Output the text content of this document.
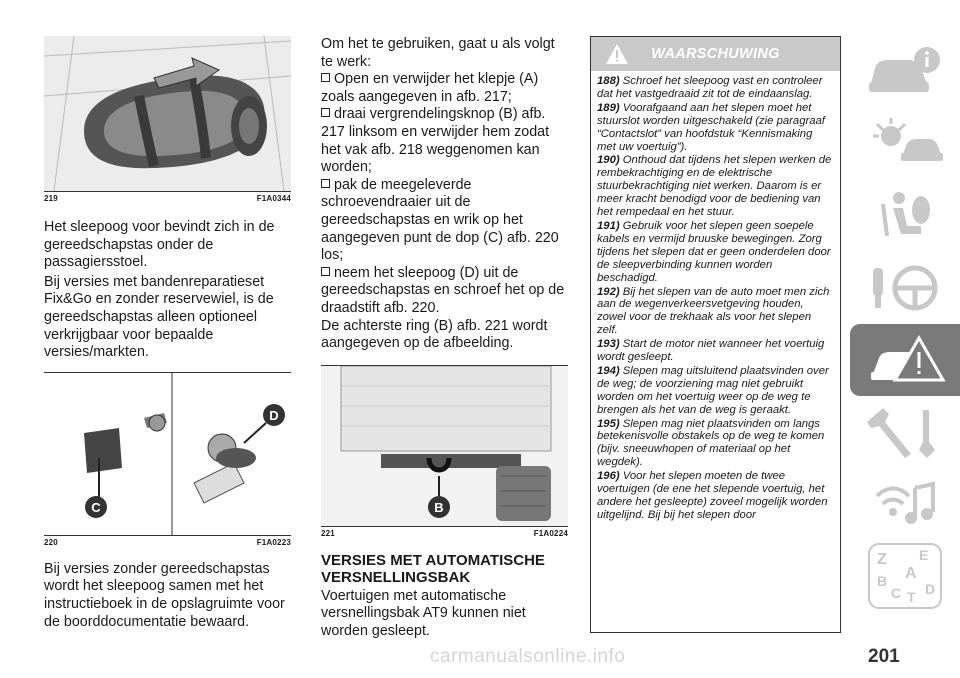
219	F1A0344

Het sleepoog voor bevindt zich in de gereedschapstas onder de passagiersstoel.

Bij versies met bandenreparatieset Fix&Go en zonder reservewiel, is de gereedschapstas alleen optioneel verkrijgbaar voor bepaalde versies/markten.

C
D
220	F1A0223

Bij versies zonder gereedschapstas wordt het sleepoog samen met het instructieboek in de opslagruimte voor de boorddocumentatie bewaard.

Om het te gebruiken, gaat u als volgt te werk:

Open en verwijder het klepje (A) zoals aangegeven in afb. 217;
draai vergrendelingsknop (B) afb. 217 linksom en verwijder hem zodat het vak afb. 218 weggenomen kan worden;
pak de meegeleverde schroevendraaier uit de gereedschapstas en wrik op het aangegeven punt de dop (C) afb. 220 los;
neem het sleepoog (D) uit de gereedschapstas en schroef het op de draadstift afb. 220.

De achterste ring (B) afb. 221 wordt aangegeven op de afbeelding.

B
221	F1A0224
VERSIES MET AUTOMATISCHE VERSNELLINGSBAK

Voertuigen met automatische versnellingsbak AT9 kunnen niet worden gesleept.

WAARSCHUWING
188) Schroef het sleepoog vast en controleer dat het vastgedraaid zit tot de eindaanslag.
189) Voorafgaand aan het slepen moet het stuurslot worden uitgeschakeld (zie paragraaf “Contactslot” van hoofdstuk “Kennismaking met uw voertuig”).
190) Onthoud dat tijdens het slepen werken de rembekrachtiging en de elektrische stuurbekrachtiging niet werken. Daarom is er meer kracht benodigd voor de bediening van het rempedaal en het stuur.
191) Gebruik voor het slepen geen soepele kabels en vermijd bruuske bewegingen. Zorg tijdens het slepen dat er geen onderdelen door de sleepverbinding kunnen worden beschadigd.
192) Bij het slepen van de auto moet men zich aan de wegenverkeersvetgeving houden, zowel voor de trekhaak als voor het slepen zelf.
193) Start de motor niet wanneer het voertuig wordt gesleept.
194) Slepen mag uitsluitend plaatsvinden over de weg; de voorziening mag niet gebruikt worden om het voertuig weer op de weg te brengen als het van de weg is geraakt.
195) Slepen mag niet plaatsvinden om langs betekenisvolle obstakels op de weg te komen (bijv. sneeuwhopen of materiaal op het wegdek).
196) Voor het slepen moeten de twee voertuigen (de ene het slepende voertuig, het andere het gesleepte) zoveel mogelijk worden uitgelijnd. Bij bij het slepen door
Z E
A
B
C T D
carmanualsonline.info	201
